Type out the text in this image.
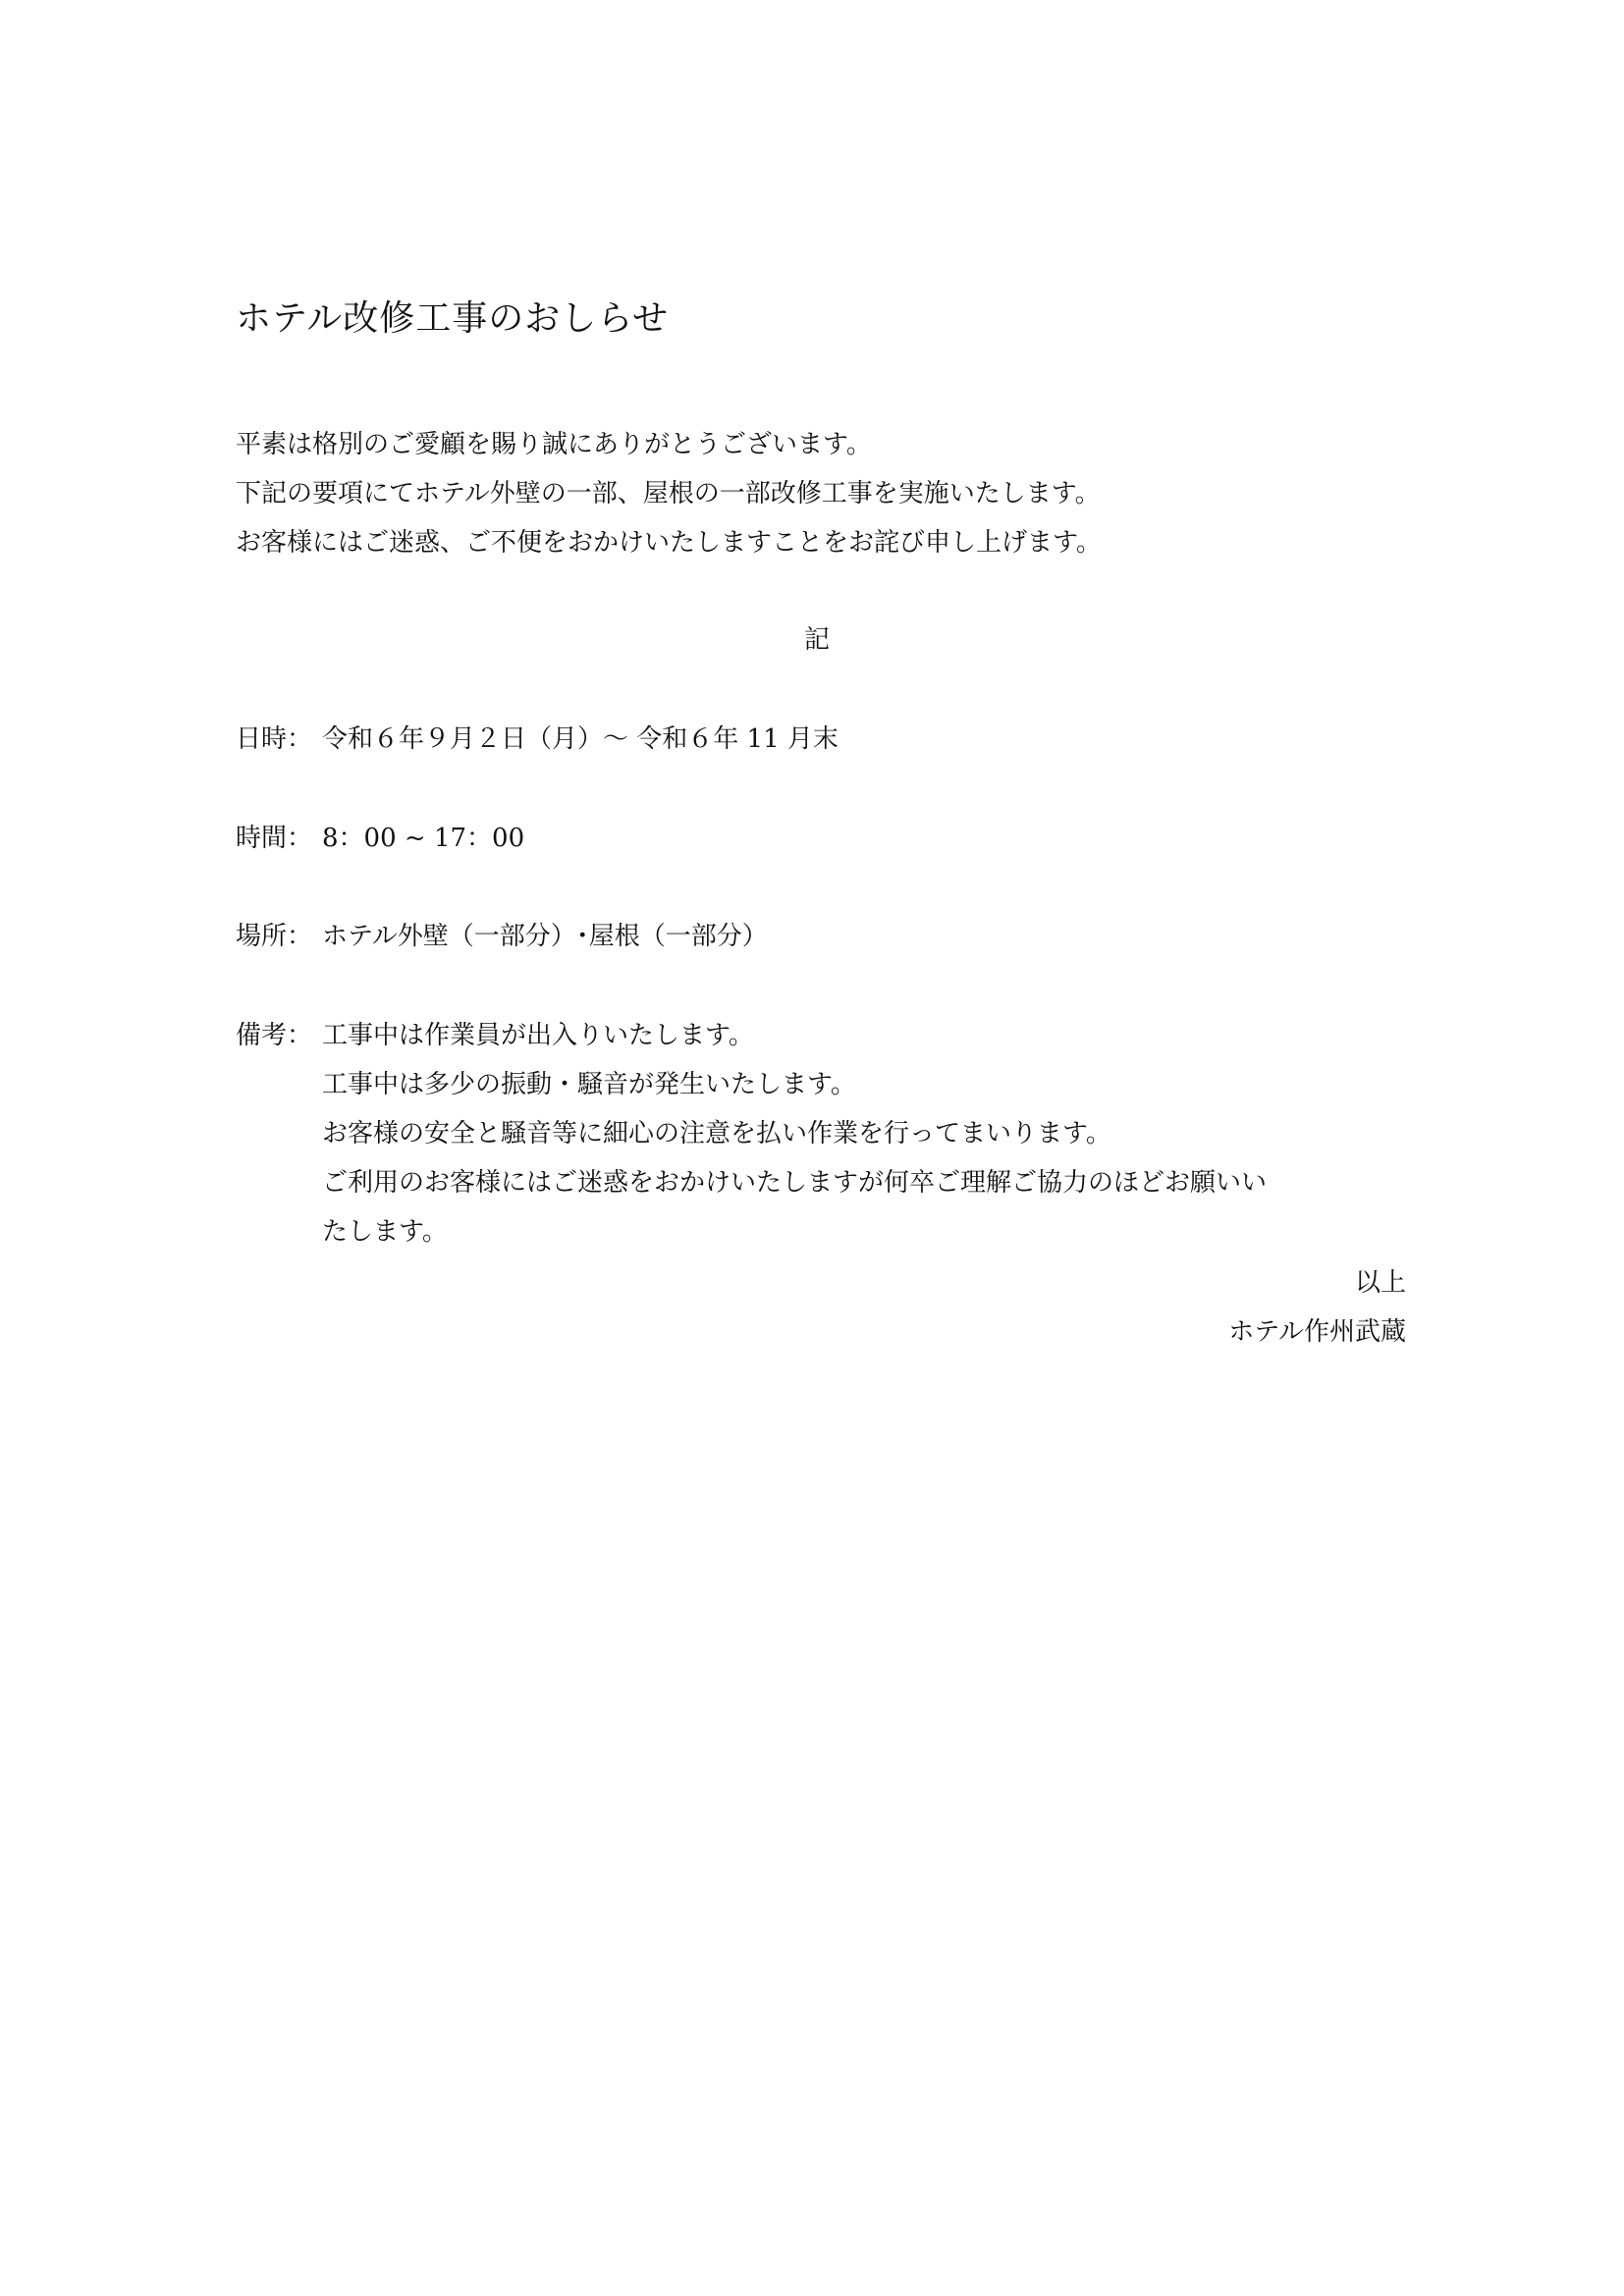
ホテル改修工事のおしらせ
平素は格別のご愛顧を賜り誠にありがとうございます。
下記の要項にてホテル外壁の一部、屋根の一部改修工事を実施いたします。
お客様にはご迷惑、ご不便をおかけいたしますことをお詫び申し上げます。
記
日時： 令和６年９月２日（月）～ 令和６年 11 月末
時間： 8：00 ~ 17：00
場所： ホテル外壁（一部分）･屋根（一部分）
備考： 工事中は作業員が出入りいたします。
工事中は多少の振動・騒音が発生いたします。
お客様の安全と騒音等に細心の注意を払い作業を行ってまいります。
ご利用のお客様にはご迷惑をおかけいたしますが何卒ご理解ご協力のほどお願いい
たします。
以上
ホテル作州武蔵
